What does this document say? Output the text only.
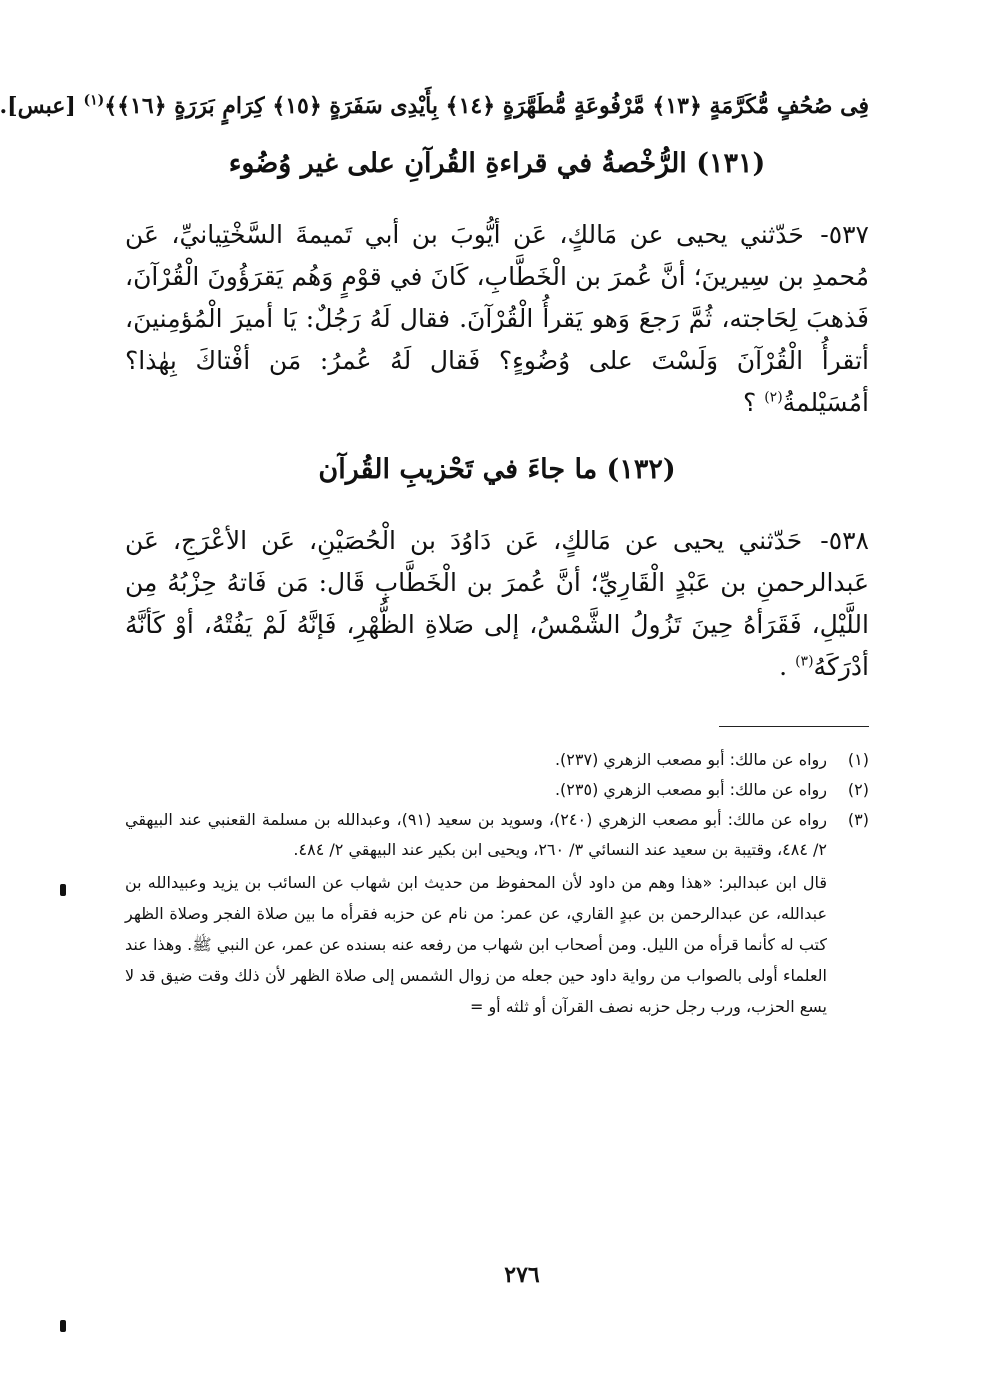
فِى صُحُفٍ مُّكَرَّمَةٍ ﴿١٣﴾ مَّرْفُوعَةٍ مُّطَهَّرَةٍ ﴿١٤﴾ بِأَيْدِى سَفَرَةٍ ﴿١٥﴾ كِرَامٍ بَرَرَةٍ ﴿١٦﴾﴾$^{(١)}$ [عبس].
(١٣١) الرُّخْصةُ في قراءةِ القُرآنِ على غير وُضُوء

٥٣٧- حَدّثني يحيى عن مَالكٍ، عَن أيُّوبَ بن أبي تَميمةَ السَّخْتِيانيِّ، عَن مُحمدِ بن سِيرينَ؛ أنَّ عُمرَ بن الْخَطَّابِ، كَانَ في قوْمٍ وَهُم يَقرَؤُونَ الْقُرْآنَ، فَذهبَ لِحَاجته، ثُمَّ رَجعَ وَهو يَقرأُ الْقُرْآنَ. فقال لَهُ رَجُلٌ: يَا أميرَ الْمُؤمِنينَ، أتقرأُ الْقُرْآنَ وَلَسْتَ على وُضُوءٍ؟ فَقال لَهُ عُمرُ: مَن أفْتاكَ بِهٰذا؟ أمُسَيْلمةُ$^{(٢)}$ ؟

(١٣٢) ما جاءَ في تَحْزيبِ القُرآن

٥٣٨- حَدّثني يحيى عن مَالكٍ، عَن دَاوُدَ بن الْحُصَيْنِ، عَن الأعْرَجِ، عَن عَبدالرحمنِ بن عَبْدٍ الْقَارِيِّ؛ أنَّ عُمرَ بن الْخَطَّابِ قَال: مَن فَاتهُ حِزْبُهُ مِن اللَّيْلِ، فَقَرَأهُ حِينَ تَزُولُ الشَّمْسُ، إلى صَلاةِ الظُّهْرِ، فَإنَّهُ لَمْ يَفُتْهُ، أوْ كَأنَّهُ أدْرَكَهُ$^{(٣)}$ .

(١)
رواه عن مالك: أبو مصعب الزهري (٢٣٧).
(٢)
رواه عن مالك: أبو مصعب الزهري (٢٣٥).
(٣)
رواه عن مالك: أبو مصعب الزهري (٢٤٠)، وسويد بن سعيد (٩١)، وعبدالله بن مسلمة القعنبي عند البيهقي ٢/ ٤٨٤، وقتيبة بن سعيد عند النسائي ٣/ ٢٦٠، ويحيى ابن بكير عند البيهقي ٢/ ٤٨٤.
قال ابن عبدالبر: «هذا وهم من داود لأن المحفوظ من حديث ابن شهاب عن السائب بن يزيد وعبيدالله بن عبدالله، عن عبدالرحمن بن عبدٍ القاري، عن عمر: من نام عن حزبه فقرأه ما بين صلاة الفجر وصلاة الظهر كتب له كأنما قرأه من الليل. ومن أصحاب ابن شهاب من رفعه عنه بسنده عن عمر، عن النبي ﷺ. وهذا عند العلماء أولى بالصواب من رواية داود حين جعله من زوال الشمس إلى صلاة الظهر لأن ذلك وقت ضيق قد لا يسع الحزب، ورب رجل حزبه نصف القرآن أو ثلثه أو =
٢٧٦
